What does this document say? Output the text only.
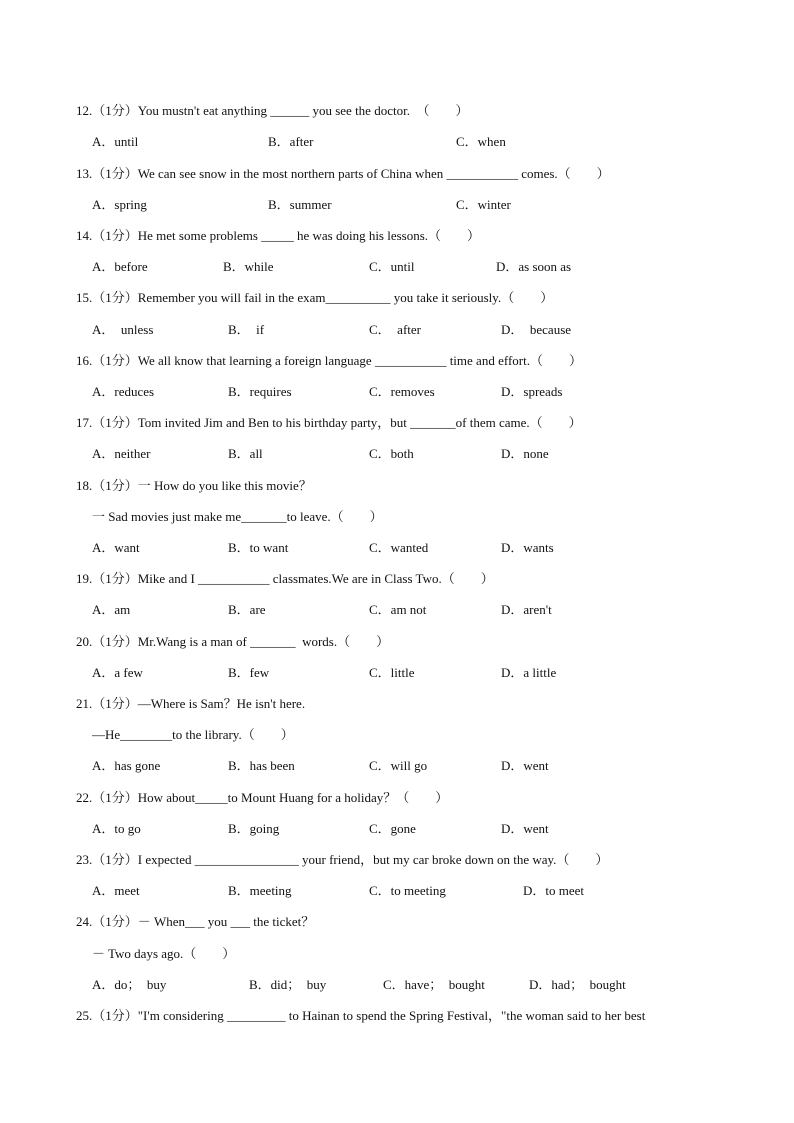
12.（1分）You mustn't eat anything ______ you see the doctor.　（　　）
A．until	B．after	C．when
13.（1分）We can see snow in the most northern parts of China when ___________ comes.（　　）
A．spring	B．summer	C．winter
14.（1分）He met some problems _____ he was doing his lessons.（　　）
A．before	B．while	C．until	D．as soon as
15.（1分）Remember you will fail in the exam__________ you take it seriously.（　　）
A．  unless	B．  if	C．  after	D．  because
16.（1分）We all know that learning a foreign language ___________ time and effort.（　　）
A．reduces	B．requires	C．removes	D．spreads
17.（1分）Tom invited Jim and Ben to his birthday party，but _______of them came.（　　）
A．neither	B．all	C．both	D．none
18.（1分）一 How do you like this movie？
一 Sad movies just make me_______to leave.（　　）
A．want	B．to want	C．wanted	D．wants
19.（1分）Mike and I ___________ classmates.We are in Class Two.（　　）
A．am	B．are	C．am not	D．aren't
20.（1分）Mr.Wang is a man of _______  words.（　　）
A．a few	B．few	C．little	D．a little
21.（1分）—Where is Sam？He isn't here.
—He________to the library.（　　）
A．has gone	B．has been	C．will go	D．went
22.（1分）How about_____to Mount Huang for a holiday？（　　）
A．to go	B．going	C．gone	D．went
23.（1分）I expected ________________ your friend，but my car broke down on the way.（　　）
A．meet	B．meeting	C．to meeting	D．to meet
24.（1分）－ When___ you ___ the ticket？
－ Two days ago.（　　）
A．do；  buy	B．did；  buy	C．have；  bought	D．had；  bought
25.（1分）"I'm considering _________ to Hainan to spend the Spring Festival，"the woman said to her best
